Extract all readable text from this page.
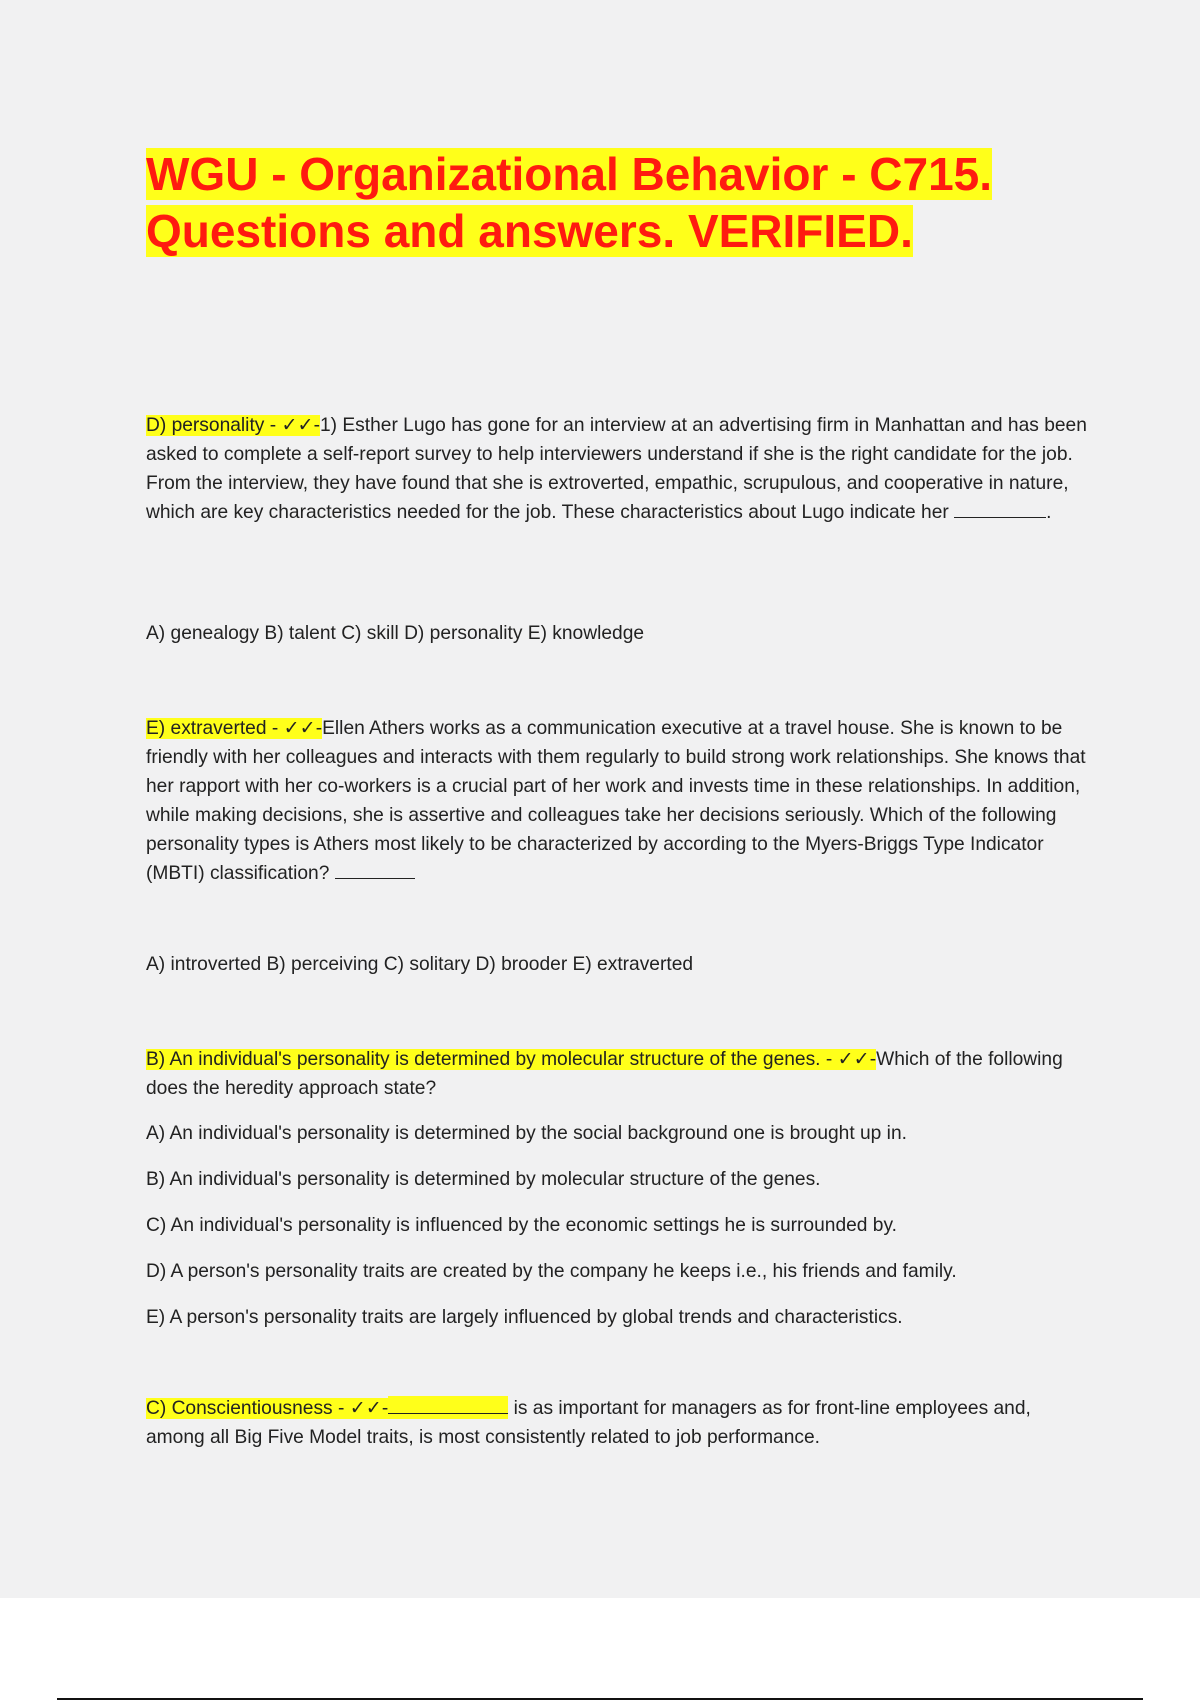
WGU - Organizational Behavior - C715.
Questions and answers. VERIFIED.

D) personality - ✓✓-1) Esther Lugo has gone for an interview at an advertising firm in Manhattan and has been asked to complete a self-report survey to help interviewers understand if she is the right candidate for the job. From the interview, they have found that she is extroverted, empathic, scrupulous, and cooperative in nature, which are key characteristics needed for the job. These characteristics about Lugo indicate her	.

A) genealogy B) talent C) skill D) personality E) knowledge

E) extraverted - ✓✓-Ellen Athers works as a communication executive at a travel house. She is known to be friendly with her colleagues and interacts with them regularly to build strong work relationships. She knows that her rapport with her co-workers is a crucial part of her work and invests time in these relationships. In addition, while making decisions, she is assertive and colleagues take her decisions seriously. Which of the following personality types is Athers most likely to be characterized by according to the Myers-Briggs Type Indicator (MBTI) classification?

A) introverted B) perceiving C) solitary D) brooder E) extraverted

B) An individual's personality is determined by molecular structure of the genes. - ✓✓-Which of the following does the heredity approach state?

A) An individual's personality is determined by the social background one is brought up in.
B) An individual's personality is determined by molecular structure of the genes.
C) An individual's personality is influenced by the economic settings he is surrounded by.
D) A person's personality traits are created by the company he keeps i.e., his friends and family.
E) A person's personality traits are largely influenced by global trends and characteristics.

C) Conscientiousness - ✓✓-	is as important for managers as for front-line employees and, among all Big Five Model traits, is most consistently related to job performance.
